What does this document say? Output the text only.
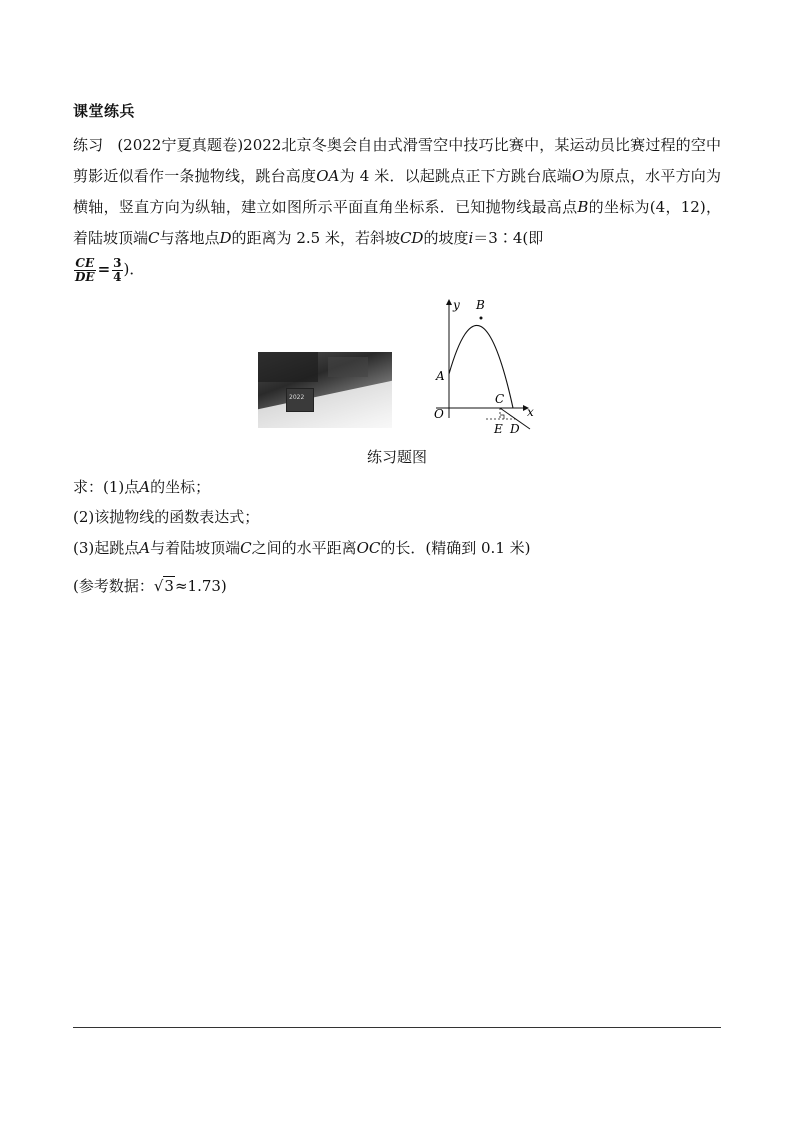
课堂练兵
练习 (2022宁夏真题卷)2022北京冬奥会自由式滑雪空中技巧比赛中，某运动员比赛过程的空中剪影近似看作一条抛物线，跳台高度OA为 4 米．以起跳点正下方跳台底端O为原点，水平方向为横轴，竖直方向为纵轴，建立如图所示平面直角坐标系．已知抛物线最高点B的坐标为(4，12)，着陆坡顶端C与落地点D的距离为 2.5 米，若斜坡CD的坡度i＝3∶4(即

$\frac{CE}{DE} = \frac{3}{4}$ )．
2022
y B
A
O
C
x
E D
练习题图
求：(1)点A的坐标；
(2)该抛物线的函数表达式；
(3)起跳点A与着陆坡顶端C之间的水平距离OC的长．(精确到 0.1 米)
(参考数据：√3≈1.73)
